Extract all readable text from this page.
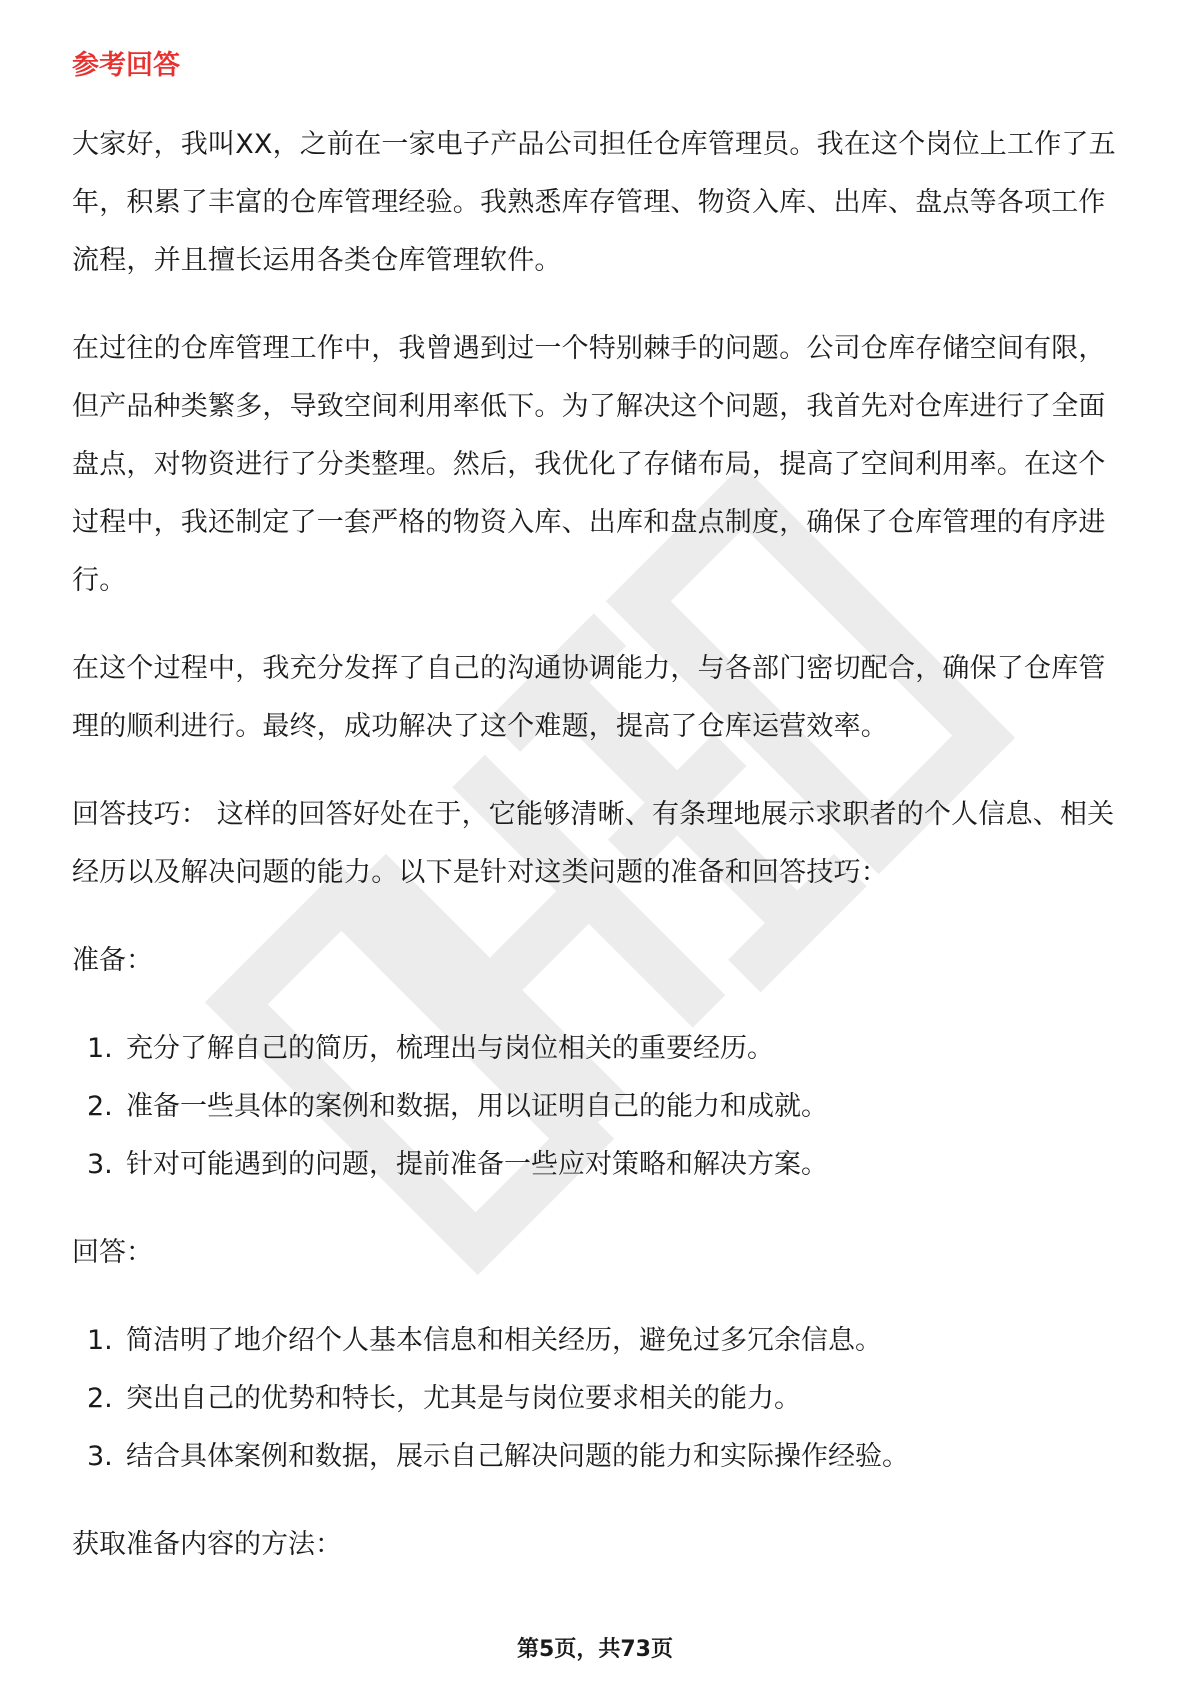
参考回答

大家好，我叫XX，之前在一家电子产品公司担任仓库管理员。我在这个岗位上工作了五年，积累了丰富的仓库管理经验。我熟悉库存管理、物资入库、出库、盘点等各项工作流程，并且擅长运用各类仓库管理软件。

在过往的仓库管理工作中，我曾遇到过一个特别棘手的问题。公司仓库存储空间有限，但产品种类繁多，导致空间利用率低下。为了解决这个问题，我首先对仓库进行了全面盘点，对物资进行了分类整理。然后，我优化了存储布局，提高了空间利用率。在这个过程中，我还制定了一套严格的物资入库、出库和盘点制度，确保了仓库管理的有序进行。

在这个过程中，我充分发挥了自己的沟通协调能力，与各部门密切配合，确保了仓库管理的顺利进行。最终，成功解决了这个难题，提高了仓库运营效率。

回答技巧： 这样的回答好处在于，它能够清晰、有条理地展示求职者的个人信息、相关经历以及解决问题的能力。以下是针对这类问题的准备和回答技巧：

准备：
1. 充分了解自己的简历，梳理出与岗位相关的重要经历。
2. 准备一些具体的案例和数据，用以证明自己的能力和成就。
3. 针对可能遇到的问题，提前准备一些应对策略和解决方案。
回答：
1. 简洁明了地介绍个人基本信息和相关经历，避免过多冗余信息。
2. 突出自己的优势和特长，尤其是与岗位要求相关的能力。
3. 结合具体案例和数据，展示自己解决问题的能力和实际操作经验。
获取准备内容的方法：
第5页，共73页
